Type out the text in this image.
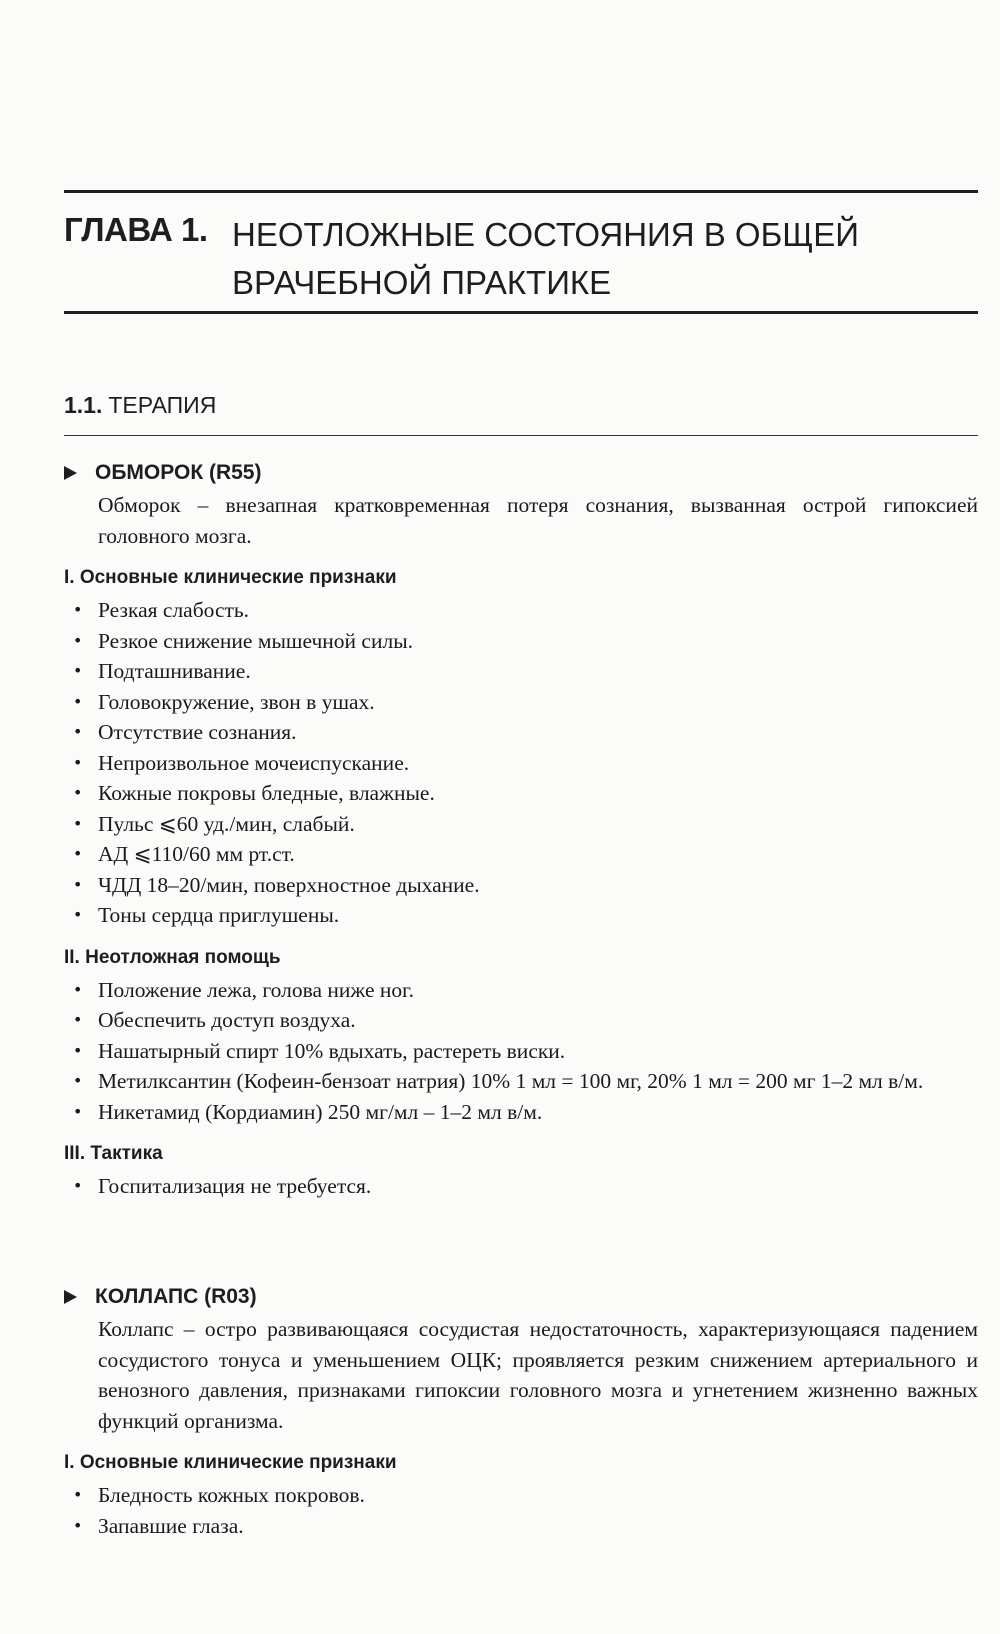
ГЛАВА 1. НЕОТЛОЖНЫЕ СОСТОЯНИЯ В ОБЩЕЙ
ВРАЧЕБНОЙ ПРАКТИКЕ
1.1. ТЕРАПИЯ
ОБМОРОК (R55)
Обморок – внезапная кратковременная потеря сознания, вызванная острой гипоксией головного мозга.
I. Основные клинические признаки
• Резкая слабость.
• Резкое снижение мышечной силы.
• Подташнивание.
• Головокружение, звон в ушах.
• Отсутствие сознания.
• Непроизвольное мочеиспускание.
• Кожные покровы бледные, влажные.
• Пульс ⩽60 уд./мин, слабый.
• АД ⩽110/60 мм рт.ст.
• ЧДД 18–20/мин, поверхностное дыхание.
• Тоны сердца приглушены.
II. Неотложная помощь
• Положение лежа, голова ниже ног.
• Обеспечить доступ воздуха.
• Нашатырный спирт 10% вдыхать, растереть виски.
• Метилксантин (Кофеин-бензоат натрия) 10% 1 мл = 100 мг, 20% 1 мл = 200 мг 1–2 мл в/м.
• Никетамид (Кордиамин) 250 мг/мл – 1–2 мл в/м.
III. Тактика
• Госпитализация не требуется.
КОЛЛАПС (R03)
Коллапс – остро развивающаяся сосудистая недостаточность, характеризующаяся падением сосудистого тонуса и уменьшением ОЦК; проявляется резким снижением артериального и венозного давления, признаками гипоксии головного мозга и угнетением жизненно важных функций организма.
I. Основные клинические признаки
• Бледность кожных покровов.
• Запавшие глаза.
